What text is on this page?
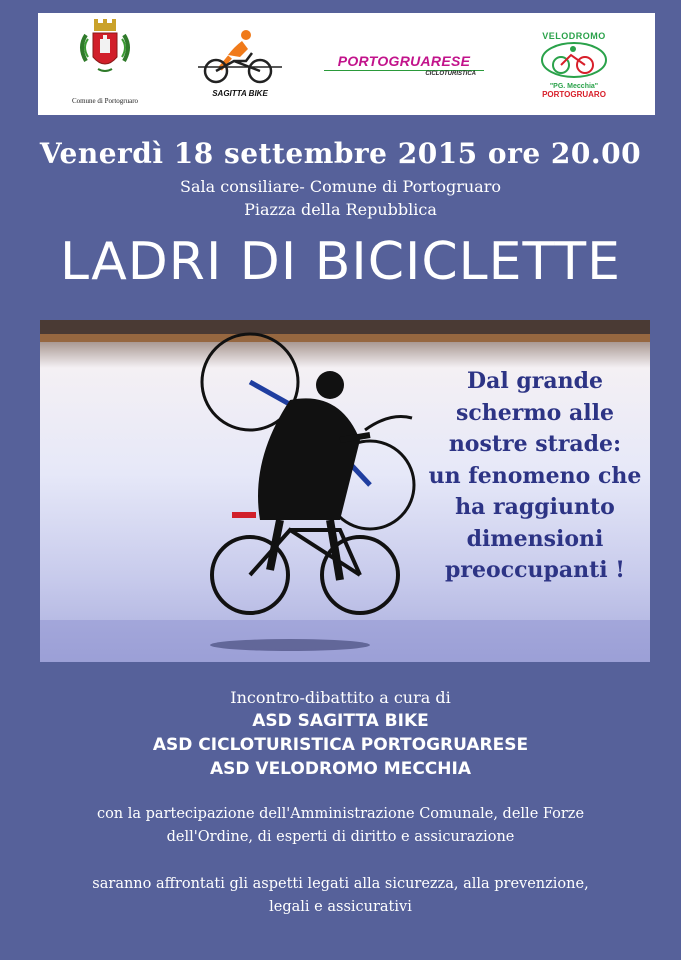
Comune di Portogruaro
SAGITTA BIKE
PORTOGRUARESE
CICLOTURISTICA
VELODROMO
"PG. Mecchia"
PORTOGRUARO
Venerdì 18 settembre 2015 ore 20.00
Sala consiliare- Comune di Portogruaro
Piazza della Repubblica
LADRI DI BICICLETTE
Dal grande
schermo alle
nostre strade:
un fenomeno che
ha raggiunto
dimensioni
preoccupanti !
Incontro-dibattito a cura di
ASD SAGITTA BIKE
ASD CICLOTURISTICA PORTOGRUARESE
ASD VELODROMO MECCHIA
con la partecipazione dell'Amministrazione Comunale, delle Forze
dell'Ordine, di esperti di diritto e assicurazione
saranno affrontati gli aspetti legati alla sicurezza, alla prevenzione,
legali e assicurativi
